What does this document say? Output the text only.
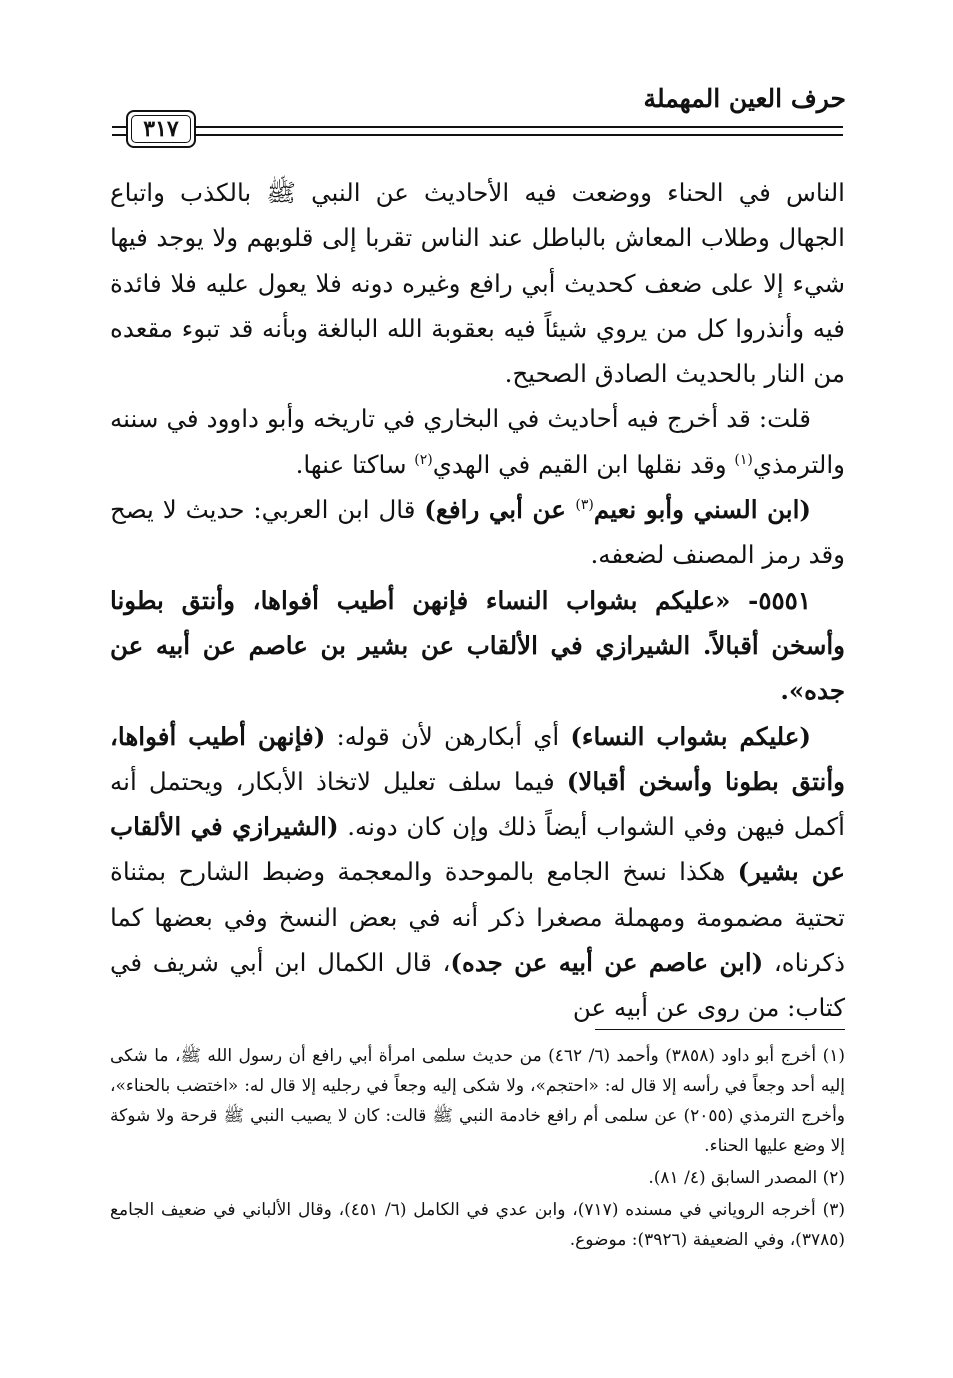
حرف العين المهملة
٣١٧

الناس في الحناء ووضعت فيه الأحاديث عن النبي ﷺ بالكذب واتباع الجهال وطلاب المعاش بالباطل عند الناس تقربا إلى قلوبهم ولا يوجد فيها شيء إلا على ضعف كحديث أبي رافع وغيره دونه فلا يعول عليه فلا فائدة فيه وأنذروا كل من يروي شيئاً فيه بعقوبة الله البالغة وبأنه قد تبوء مقعده من النار بالحديث الصادق الصحيح.

قلت: قد أخرج فيه أحاديث في البخاري في تاريخه وأبو داوود في سننه والترمذي$^{(١)}$ وقد نقلها ابن القيم في الهدي$^{(٢)}$ ساكتا عنها.

(ابن السني وأبو نعيم$^{(٣)}$ عن أبي رافع) قال ابن العربي: حديث لا يصح وقد رمز المصنف لضعفه.

٥٥٥١- «عليكم بشواب النساء فإنهن أطيب أفواها، وأنتق بطونا وأسخن أقبالاً. الشيرازي في الألقاب عن بشير بن عاصم عن أبيه عن جده».

(عليكم بشواب النساء) أي أبكارهن لأن قوله: (فإنهن أطيب أفواها، وأنتق بطونا وأسخن أقبالا) فيما سلف تعليل لاتخاذ الأبكار، ويحتمل أنه أكمل فيهن وفي الشواب أيضاً ذلك وإن كان دونه. (الشيرازي في الألقاب عن بشير) هكذا نسخ الجامع بالموحدة والمعجمة وضبط الشارح بمثناة تحتية مضمومة ومهملة مصغرا ذكر أنه في بعض النسخ وفي بعضها كما ذكرناه، (ابن عاصم عن أبيه عن جده)، قال الكمال ابن أبي شريف في كتاب: من روى عن أبيه عن

(١) أخرج أبو داود (٣٨٥٨) وأحمد (٦/ ٤٦٢) من حديث سلمى امرأة أبي رافع أن رسول الله ﷺ، ما شكى إليه أحد وجعاً في رأسه إلا قال له: «احتجم»، ولا شكى إليه وجعاً في رجليه إلا قال له: «اختضب بالحناء»، وأخرج الترمذي (٢٠٥٥) عن سلمى أم رافع خادمة النبي ﷺ قالت: كان لا يصيب النبي ﷺ قرحة ولا شوكة إلا وضع عليها الحناء.

(٢) المصدر السابق (٤/ ٨١).

(٣) أخرجه الروياني في مسنده (٧١٧)، وابن عدي في الكامل (٦/ ٤٥١)، وقال الألباني في ضعيف الجامع (٣٧٨٥)، وفي الضعيفة (٣٩٢٦): موضوع.
